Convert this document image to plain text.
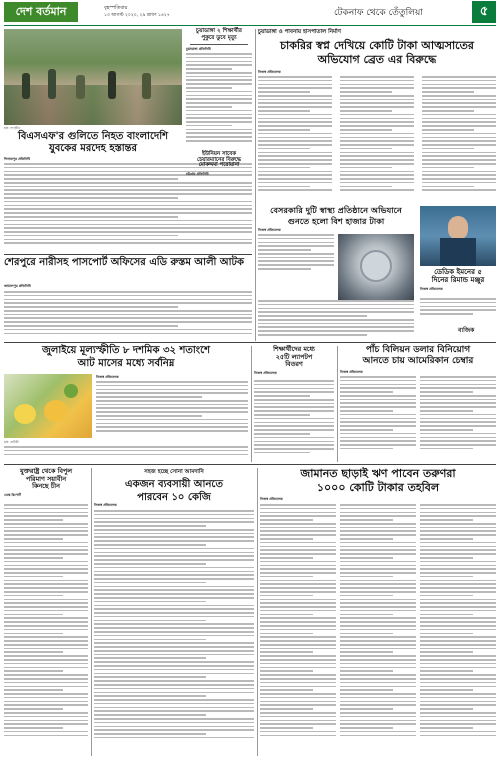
দেশ বর্তমান	বৃহস্পতিবার
১৩ আগস্ট ২০২০, ২৯ শ্রাবণ ১৪২৭	টেকনাফ থেকে তেঁতুলিয়া	৫
ছবি: সংগৃহীত
চুয়াডাঙ্গা ২ শিক্ষার্থীর
পুকুরে ডুবে মৃত্যু
চুয়াডাঙ্গা প্রতিনিধি
বিএসএফ'র গুলিতে নিহত বাংলাদেশি
যুবকের মরদেহ হস্তান্তর
দিনাজপুর প্রতিনিধি
ইউনিয়ন সাবেক
চেয়ারম্যানের বিরুদ্ধে
মোকদ্দমা পরোয়ানা
চট্টগ্রাম প্রতিনিধি
শেরপুরে নারীসহ পাসপোর্ট অফিসের এডি রুস্তম আলী আটক
জামালপুর প্রতিনিধি
চুয়াডাঙ্গা ও পাবনায় হাসপাতাল নির্মাণ
চাকরির স্বপ্ন দেখিয়ে কোটি টাকা আত্মসাতের
অভিযোগ ব্রেত এর বিরুদ্ধে
নিজস্ব প্রতিবেদক
বেসরকারি দুটি স্বাস্থ্য প্রতিষ্ঠানে অভিযানে
গুনতে হলো বিশ হাজার টাকা
নিজস্ব প্রতিবেদক
ডেডিক ইমনের ৫
দিনের রিমান্ড মঞ্জুর
নিজস্ব প্রতিবেদক
বাজিক
জুলাইয়ে মূল্যস্ফীতি ৮ দশমিক ৩২ শতাংশে
আট মাসের মধ্যে সর্বনিম্ন
ছবি: প্রতীকী
নিজস্ব প্রতিবেদক
শিক্ষার্থীদের মধ্যে
২৫টি ল্যাপটপ
বিতরণ
নিজস্ব প্রতিবেদক
পাঁচ বিলিয়ন ডলার বিনিয়োগ
আনতে চায় আমেরিকান চেম্বার
নিজস্ব প্রতিবেদক
যুক্তরাষ্ট্র থেকে বিপুল
পরিমাণ সয়াবীন
কিনছে চীন
ডেস্ক রিপোর্ট
সহজ হচ্ছে সোনা আমদানি
একজন ব্যবসায়ী আনতে
পারবেন ১০ কেজি
নিজস্ব প্রতিবেদক
জামানত ছাড়াই ঋণ পাবেন তরুণরা
১০০০ কোটি টাকার তহবিল
নিজস্ব প্রতিবেদক
